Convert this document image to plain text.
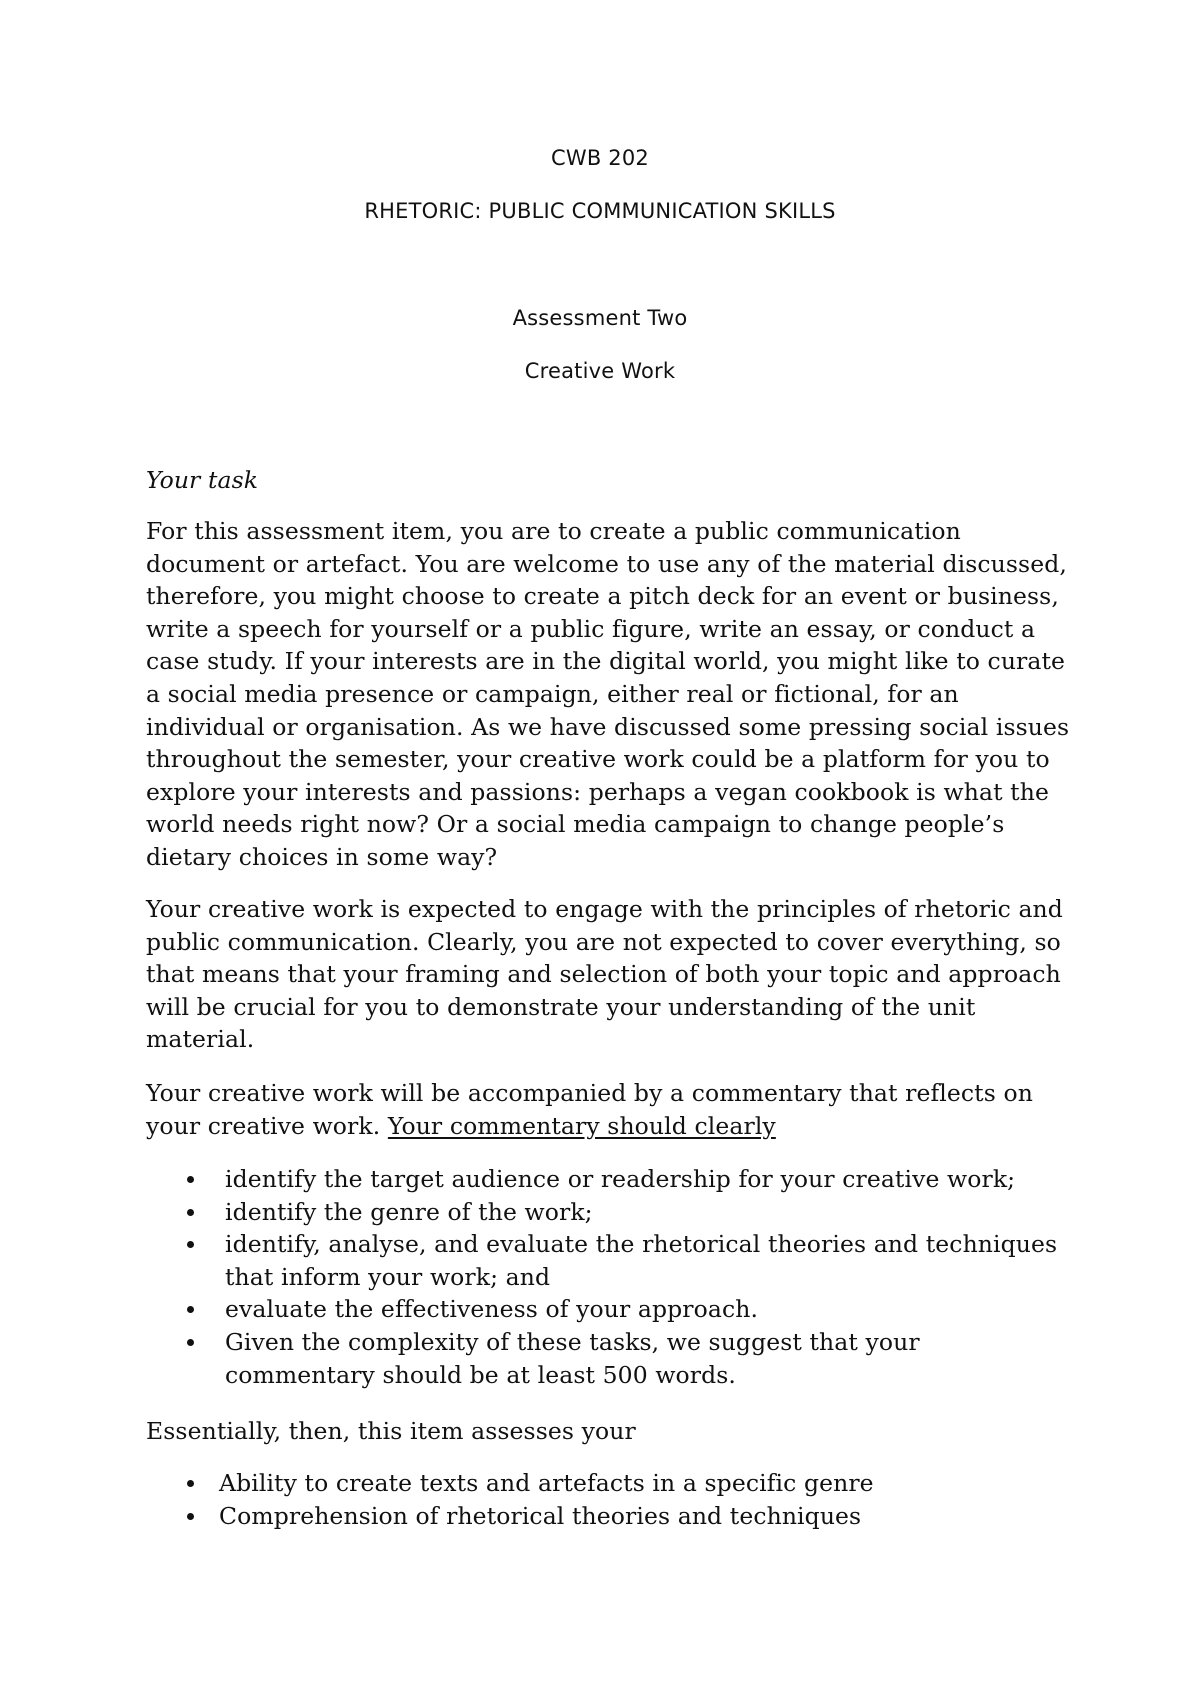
CWB 202
RHETORIC: PUBLIC COMMUNICATION SKILLS
Assessment Two
Creative Work
Your task

For this assessment item, you are to create a public communication document or artefact. You are welcome to use any of the material discussed, therefore, you might choose to create a pitch deck for an event or business, write a speech for yourself or a public figure, write an essay, or conduct a case study. If your interests are in the digital world, you might like to curate a social media presence or campaign, either real or fictional, for an individual or organisation. As we have discussed some pressing social issues throughout the semester, your creative work could be a platform for you to explore your interests and passions: perhaps a vegan cookbook is what the world needs right now? Or a social media campaign to change people’s dietary choices in some way?

Your creative work is expected to engage with the principles of rhetoric and public communication. Clearly, you are not expected to cover everything, so that means that your framing and selection of both your topic and approach will be crucial for you to demonstrate your understanding of the unit material.

Your creative work will be accompanied by a commentary that reflects on your creative work. Your commentary should clearly

identify the target audience or readership for your creative work;
identify the genre of the work;
identify, analyse, and evaluate the rhetorical theories and techniques that inform your work; and
evaluate the effectiveness of your approach.
Given the complexity of these tasks, we suggest that your commentary should be at least 500 words.

Essentially, then, this item assesses your

Ability to create texts and artefacts in a specific genre
Comprehension of rhetorical theories and techniques
